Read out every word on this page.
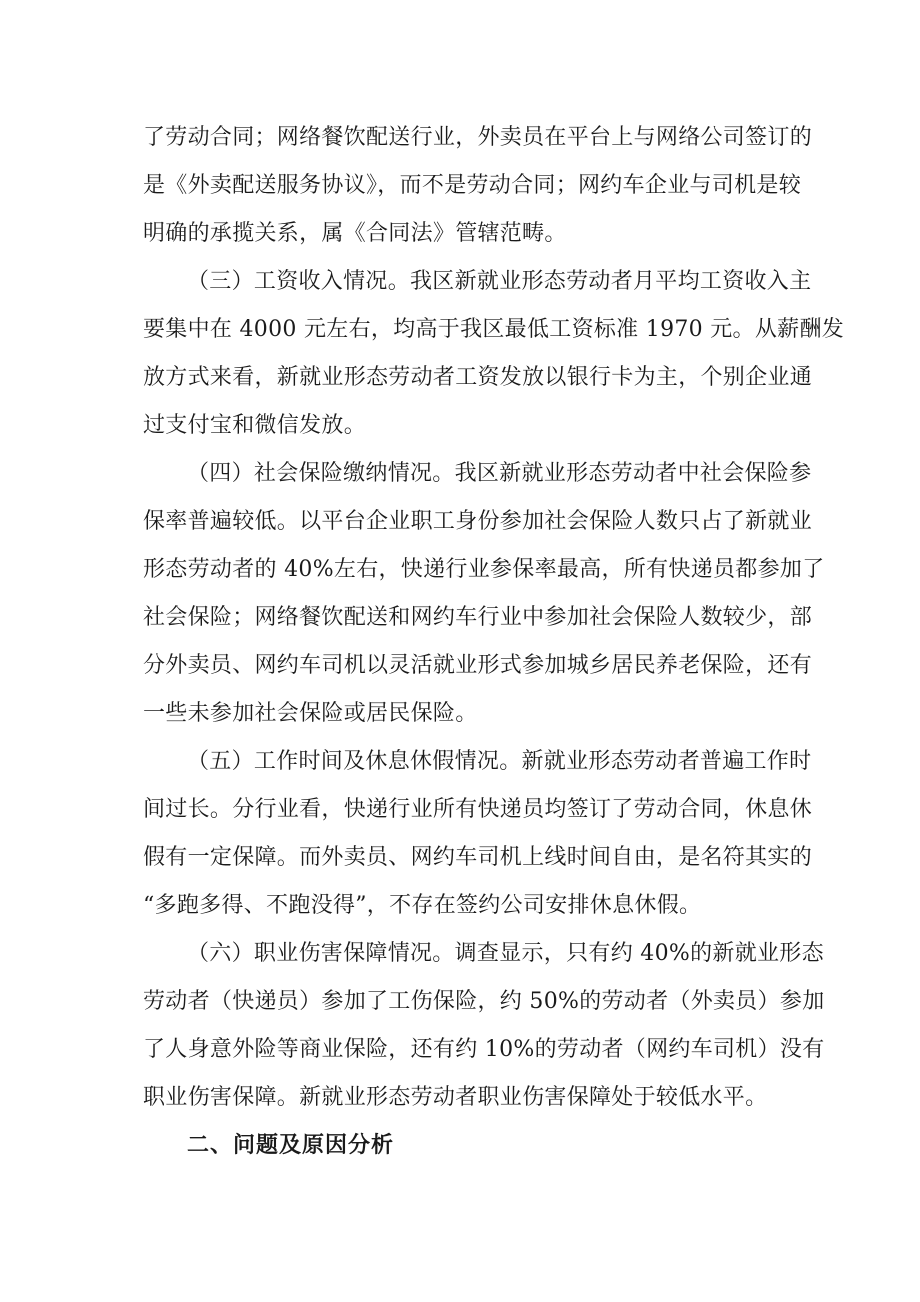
了劳动合同；网络餐饮配送行业，外卖员在平台上与网络公司签订的
是《外卖配送服务协议》，而不是劳动合同；网约车企业与司机是较
明确的承揽关系，属《合同法》管辖范畴。
（三）工资收入情况。我区新就业形态劳动者月平均工资收入主
要集中在 4000 元左右，均高于我区最低工资标准 1970 元。从薪酬发
放方式来看，新就业形态劳动者工资发放以银行卡为主，个别企业通
过支付宝和微信发放。
（四）社会保险缴纳情况。我区新就业形态劳动者中社会保险参
保率普遍较低。以平台企业职工身份参加社会保险人数只占了新就业
形态劳动者的 40%左右，快递行业参保率最高，所有快递员都参加了
社会保险；网络餐饮配送和网约车行业中参加社会保险人数较少，部
分外卖员、网约车司机以灵活就业形式参加城乡居民养老保险，还有
一些未参加社会保险或居民保险。
（五）工作时间及休息休假情况。新就业形态劳动者普遍工作时
间过长。分行业看，快递行业所有快递员均签订了劳动合同，休息休
假有一定保障。而外卖员、网约车司机上线时间自由，是名符其实的
“多跑多得、不跑没得”，不存在签约公司安排休息休假。
（六）职业伤害保障情况。调查显示，只有约 40%的新就业形态
劳动者（快递员）参加了工伤保险，约 50%的劳动者（外卖员）参加
了人身意外险等商业保险，还有约 10%的劳动者（网约车司机）没有
职业伤害保障。新就业形态劳动者职业伤害保障处于较低水平。
二、问题及原因分析
